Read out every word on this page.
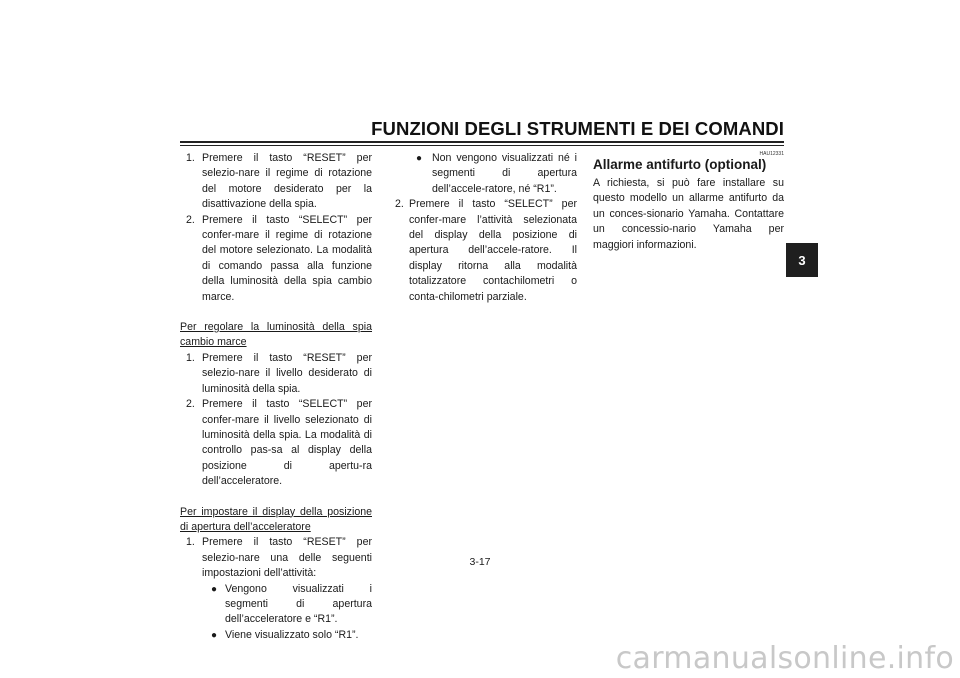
FUNZIONI DEGLI STRUMENTI E DEI COMANDI
3

1. Premere il tasto “RESET” per selezio-nare il regime di rotazione del motore desiderato per la disattivazione della spia.

2. Premere il tasto “SELECT” per confer-mare il regime di rotazione del motore selezionato. La modalità di comando passa alla funzione della luminosità della spia cambio marce.

Per regolare la luminosità della spia cambio marce

1. Premere il tasto “RESET” per selezio-nare il livello desiderato di luminosità della spia.

2. Premere il tasto “SELECT” per confer-mare il livello selezionato di luminosità della spia. La modalità di controllo pas-sa al display della posizione di apertu-ra dell’acceleratore.

Per impostare il display della posizione di apertura dell’acceleratore

1. Premere il tasto “RESET” per selezio-nare una delle seguenti impostazioni dell’attività:

● Vengono visualizzati i segmenti di apertura dell’acceleratore e “R1”.

● Viene visualizzato solo “R1”.

● Non vengono visualizzati né i segmenti di apertura dell’accele-ratore, né “R1”.

2. Premere il tasto “SELECT” per confer-mare l’attività selezionata del display della posizione di apertura dell’accele-ratore. Il display ritorna alla modalità totalizzatore contachilometri o conta-chilometri parziale.

HAU12331

Allarme antifurto (optional)

A richiesta, si può fare installare su questo modello un allarme antifurto da un conces-sionario Yamaha. Contattare un concessio-nario Yamaha per maggiori informazioni.

3-17
carmanualsonline.info
